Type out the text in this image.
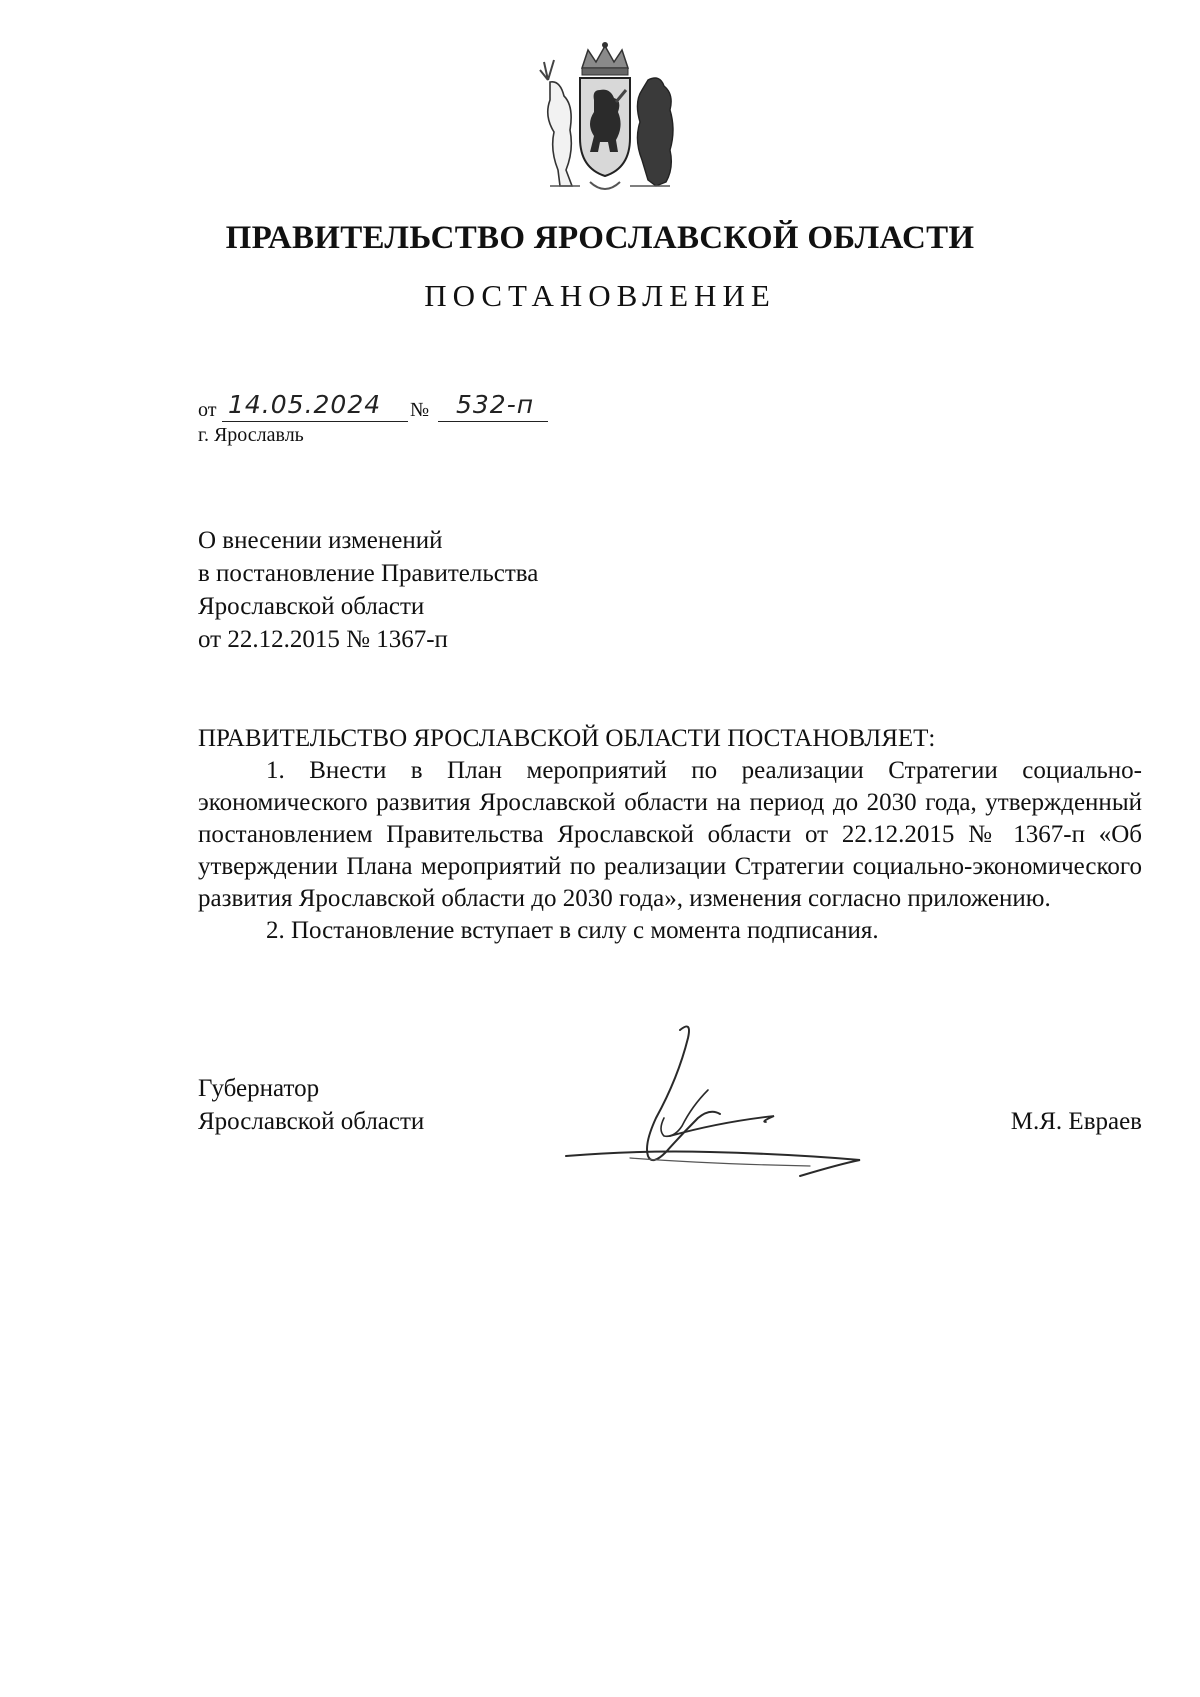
ПРАВИТЕЛЬСТВО ЯРОСЛАВСКОЙ ОБЛАСТИ
ПОСТАНОВЛЕНИЕ
от 14.05.2024 № 532-п
г. Ярославль
О внесении изменений
в постановление Правительства
Ярославской области
от 22.12.2015 № 1367-п
ПРАВИТЕЛЬСТВО ЯРОСЛАВСКОЙ ОБЛАСТИ ПОСТАНОВЛЯЕТ:

1. Внести в План мероприятий по реализации Стратегии социально-экономического развития Ярославской области на период до 2030 года, утвержденный постановлением Правительства Ярославской области от 22.12.2015 № 1367-п «Об утверждении Плана мероприятий по реализации Стратегии социально-экономического развития Ярославской области до 2030 года», изменения согласно приложению.

2. Постановление вступает в силу с момента подписания.

Губернатор
Ярославской области	М.Я. Евраев
